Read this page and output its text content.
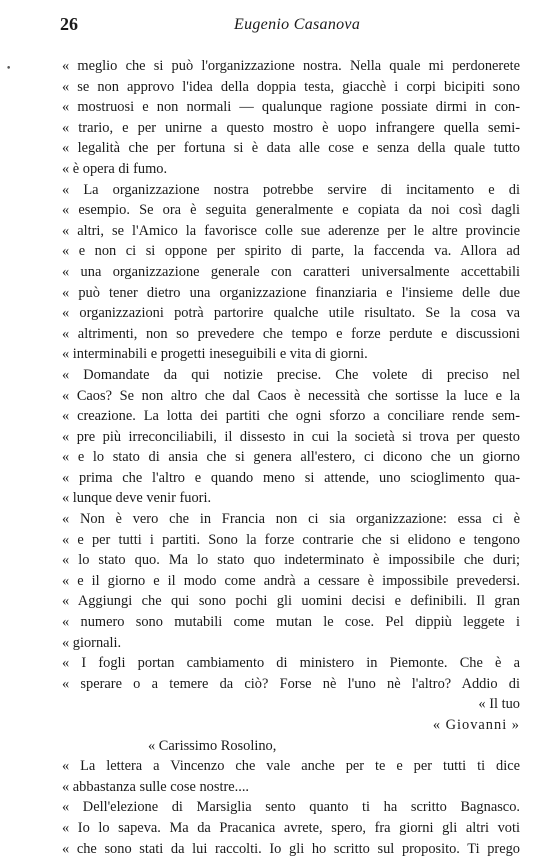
26	Eugenio Casanova
•	« meglio che si può l'organizzazione nostra. Nella quale mi perdonerete
« se non approvo l'idea della doppia testa, giacchè i corpi bicipiti sono
« mostruosi e non normali — qualunque ragione possiate dirmi in con-
« trario, e per unirne a questo mostro è uopo infrangere quella semi-
« legalità che per fortuna si è data alle cose e senza della quale tutto
« è opera di fumo.
« La organizzazione nostra potrebbe servire di incitamento e di
« esempio. Se ora è seguita generalmente e copiata da noi così dagli
« altri, se l'Amico la favorisce colle sue aderenze per le altre provincie
« e non ci si oppone per spirito di parte, la faccenda va. Allora ad
« una organizzazione generale con caratteri universalmente accettabili
« può tener dietro una organizzazione finanziaria e l'insieme delle due
« organizzazioni potrà partorire qualche utile risultato. Se la cosa va
« altrimenti, non so prevedere che tempo e forze perdute e discussioni
« interminabili e progetti ineseguibili e vita di giorni.
« Domandate da qui notizie precise. Che volete di preciso nel
« Caos? Se non altro che dal Caos è necessità che sortisse la luce e la
« creazione. La lotta dei partiti che ogni sforzo a conciliare rende sem-
« pre più irreconciliabili, il dissesto in cui la società si trova per questo
« e lo stato di ansia che si genera all'estero, ci dicono che un giorno
« prima che l'altro e quando meno si attende, uno scioglimento qua-
« lunque deve venir fuori.
« Non è vero che in Francia non ci sia organizzazione: essa ci è
« e per tutti i partiti. Sono la forze contrarie che si elidono e tengono
« lo stato quo. Ma lo stato quo indeterminato è impossibile che duri;
« e il giorno e il modo come andrà a cessare è impossibile prevedersi.
« Aggiungi che qui sono pochi gli uomini decisi e definibili. Il gran
« numero sono mutabili come mutan le cose. Pel dippiù leggete i
« giornali.
« I fogli portan cambiamento di ministero in Piemonte. Che è a
« sperare o a temere da ciò? Forse nè l'uno nè l'altro? Addio di
« Il tuo
« Giovanni »
« Carissimo Rosolino,
« La lettera a Vincenzo che vale anche per te e per tutti ti dice
« abbastanza sulle cose nostre....
« Dell'elezione di Marsiglia sento quanto ti ha scritto Bagnasco.
« Io lo sapeva. Ma da Pracanica avrete, spero, fra giorni gli altri voti
« che sono stati da lui raccolti. Io gli ho scritto sul proposito. Ti prego
